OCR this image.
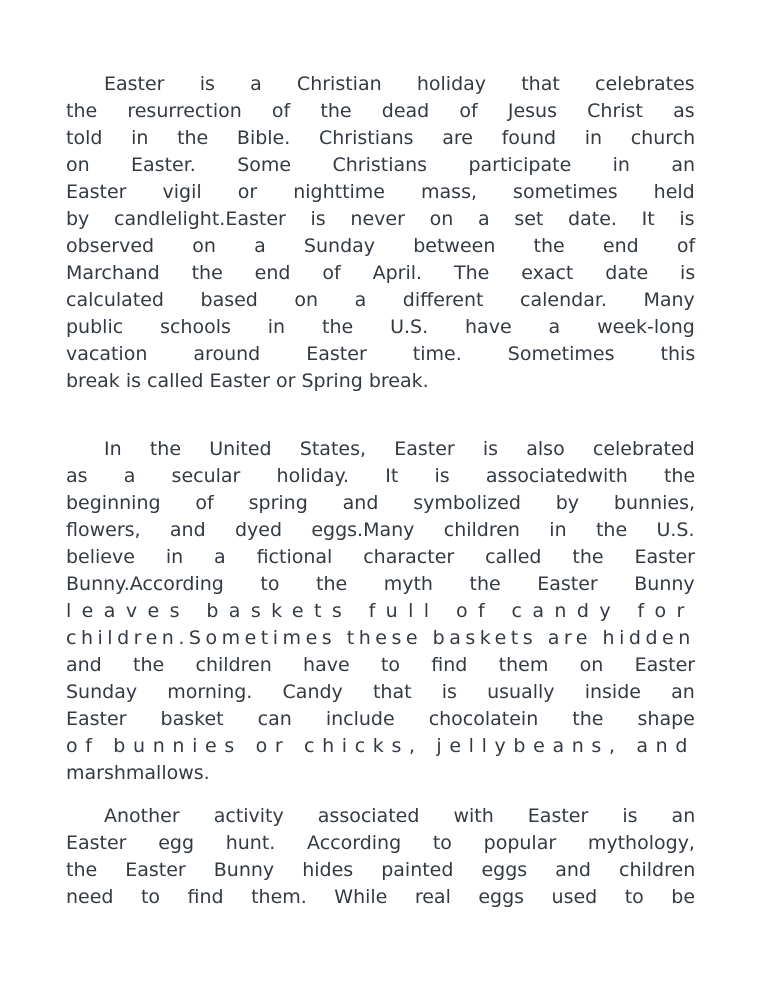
Easter is a Christian holiday that celebrates
the resurrection of the dead of Jesus Christ as
told in the Bible. Christians are found in church
on Easter. Some Christians participate in an
Easter vigil or nighttime mass, sometimes held
by candlelight.Easter is never on a set date. It is
observed on a Sunday between the end of
Marchand the end of April. The exact date is
calculated based on a different calendar. Many
public schools in the U.S. have a week-long
vacation around Easter time. Sometimes this
break is called Easter or Spring break.
In the United States, Easter is also celebrated
as a secular holiday. It is associatedwith the
beginning of spring and symbolized by bunnies,
flowers, and dyed eggs.Many children in the U.S.
believe in a fictional character called the Easter
Bunny.According to the myth the Easter Bunny
leaves baskets full of candy for
children.Sometimes these baskets are hidden
and the children have to find them on Easter
Sunday morning. Candy that is usually inside an
Easter basket can include chocolatein the shape
of bunnies or chicks, jellybeans, and
marshmallows.
Another activity associated with Easter is an
Easter egg hunt. According to popular mythology,
the Easter Bunny hides painted eggs and children
need to find them. While real eggs used to be
